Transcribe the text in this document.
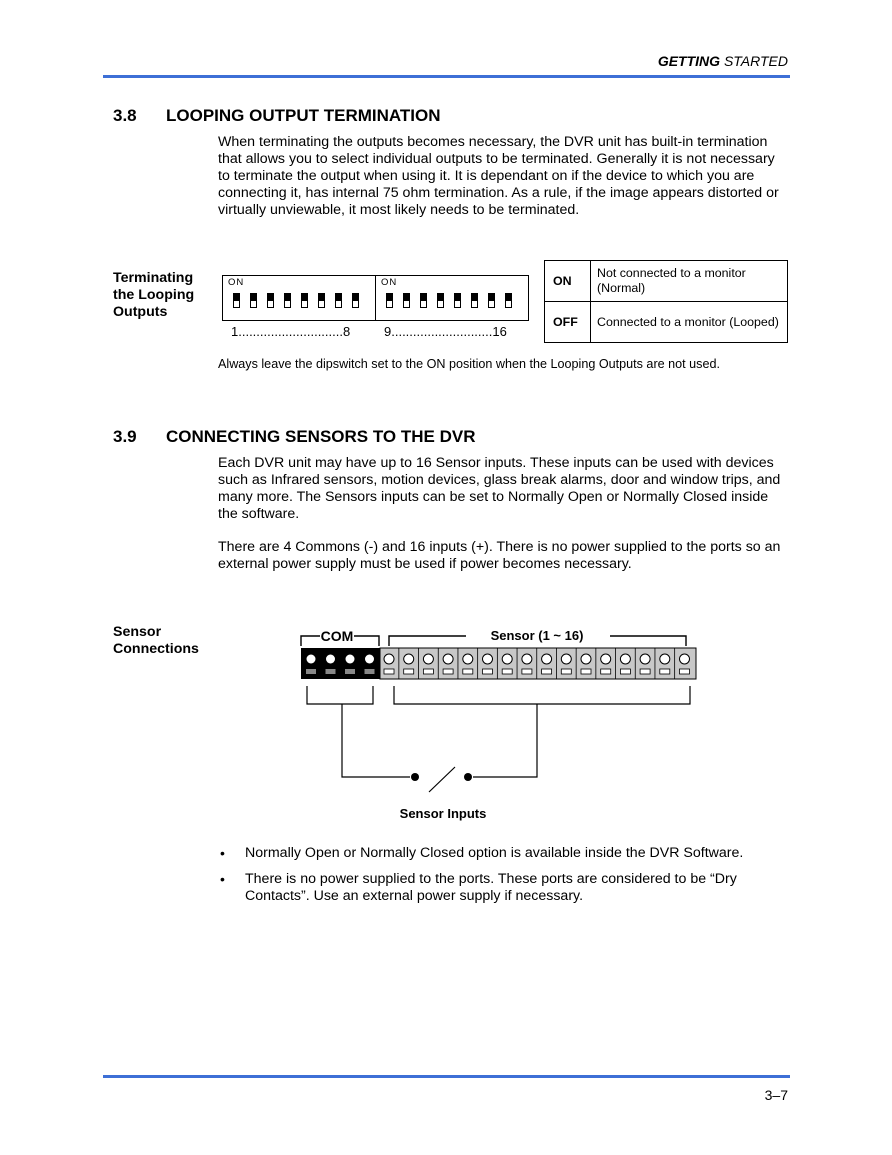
GETTING STARTED
3.8 LOOPING OUTPUT TERMINATION
When terminating the outputs becomes necessary, the DVR unit has built-in termination that allows you to select individual outputs to be terminated. Generally it is not necessary to terminate the output when using it. It is dependant on if the device to which you are connecting it, has internal 75 ohm termination. As a rule, if the image appears distorted or virtually unviewable, it most likely needs to be terminated.
Terminating the Looping Outputs
ON	ON
1.............................8	9............................16
ON	Not connected to a monitor (Normal)
OFF	Connected to a monitor (Looped)
Always leave the dipswitch set to the ON position when the Looping Outputs are not used.
3.9 CONNECTING SENSORS TO THE DVR
Each DVR unit may have up to 16 Sensor inputs. These inputs can be used with devices such as Infrared sensors, motion devices, glass break alarms, door and window trips, and many more. The Sensors inputs can be set to Normally Open or Normally Closed inside the software.
There are 4 Commons (-) and 16 inputs (+). There is no power supplied to the ports so an external power supply must be used if power becomes necessary.
Sensor Connections
COM	Sensor (1 ~ 16)
Sensor Inputs
• Normally Open or Normally Closed option is available inside the DVR Software.
• There is no power supplied to the ports. These ports are considered to be “Dry Contacts”. Use an external power supply if necessary.
3–7
